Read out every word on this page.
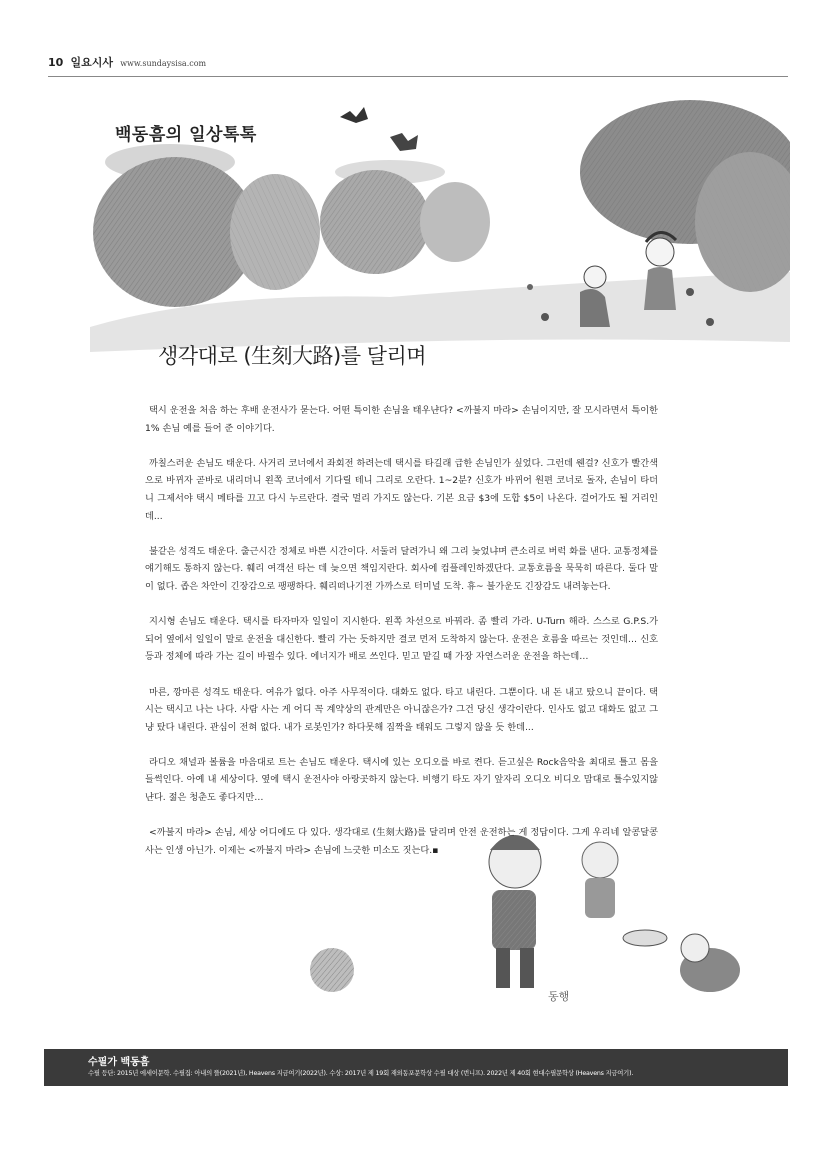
10 일요시사 www.sundaysisa.com
백동흠의 일상톡톡
생각대로 (生刻大路)를 달리며
동행

택시 운전을 처음 하는 후배 운전사가 묻는다. 어떤 특이한 손님을 태우냔다? <까불지 마라> 손님이지만, 잘 모시라면서 특이한 1% 손님 예를 들어 준 이야기다.

까칠스러운 손님도 태운다. 사거리 코너에서 좌회전 하려는데 택시를 타길래 급한 손님인가 싶었다. 그런데 웬걸? 신호가 빨간색으로 바뀌자 곧바로 내리더니 왼쪽 코너에서 기다릴 테니 그리로 오란다. 1~2분? 신호가 바뀌어 원편 코너로 돌자, 손님이 타더니 그제서야 택시 메타를 끄고 다시 누르란다. 결국 멀리 가지도 않는다. 기본 요금 $3에 도합 $5이 나온다. 걸어가도 될 거리인데...

불같은 성격도 태운다. 출근시간 정체로 바쁜 시간이다. 서둘러 달려가니 왜 그리 늦었냐며 큰소리로 버럭 화를 낸다. 교통정체를 얘기해도 통하지 않는다. 훼리 여객선 타는 데 늦으면 책임지란다. 회사에 컴플레인하겠단다. 교통흐름을 묵묵히 따른다. 둘다 말이 없다. 좁은 차안이 긴장감으로 팽팽하다. 훼리떠나기전 가까스로 터미널 도착. 휴~ 불가운도 긴장감도 내려놓는다.

지시형 손님도 태운다. 택시를 타자마자 일일이 지시한다. 왼쪽 차선으로 바꿔라. 좀 빨리 가라. U-Turn 해라. 스스로 G.P.S.가 되어 옆에서 일일이 말로 운전을 대신한다. 빨리 가는 듯하지만 결코 먼저 도착하지 않는다. 운전은 흐름을 따르는 것인데… 신호등과 정체에 따라 가는 길이 바뀔수 있다. 에너지가 배로 쓰인다. 믿고 맡길 때 가장 자연스러운 운전을 하는데…

마른, 깡마른 성격도 태운다. 여유가 없다. 아주 사무적이다. 대화도 없다. 타고 내린다. 그뿐이다. 내 돈 내고 탔으니 끝이다. 택시는 택시고 나는 나다. 사람 사는 게 어디 꼭 계약상의 관계만은 아니잖은가? 그건 당신 생각이란다. 인사도 없고 대화도 없고 그냥 탔다 내린다. 관심이 전혀 없다. 내가 로봇인가? 하다못해 짐짝을 태워도 그렇지 않을 듯 한데...

라디오 채널과 볼륨을 마음대로 트는 손님도 태운다. 택시에 있는 오디오를 바로 켠다. 듣고싶은 Rock음악을 최대로 틀고 몸을 들썩인다. 아예 내 세상이다. 옆에 택시 운전사야 아랑곳하지 않는다. 비행기 타도 자기 앞자리 오디오 비디오 맘대로 틀수있지않냔다. 젊은 청춘도 좋다지만…

<까불지 마라> 손님, 세상 어디에도 다 있다. 생각대로 (生刻大路)를 달리며 안전 운전하는 게 정답이다. 그게 우리네 알콩달콩 사는 인생 아닌가. 이제는 <까불지 마라> 손님에 느긋한 미소도 짓는다.▪

수필가 백동흠
수필 등단: 2015년 에세이문학. 수필집: 아내의 뜰(2021년), Heavens 지금여기(2022년). 수상: 2017년 제 19회 재외동포문학상 수필 대상 (번니프). 2022년 제 40회 현대수필문학상 (Heavens 지금여기).
